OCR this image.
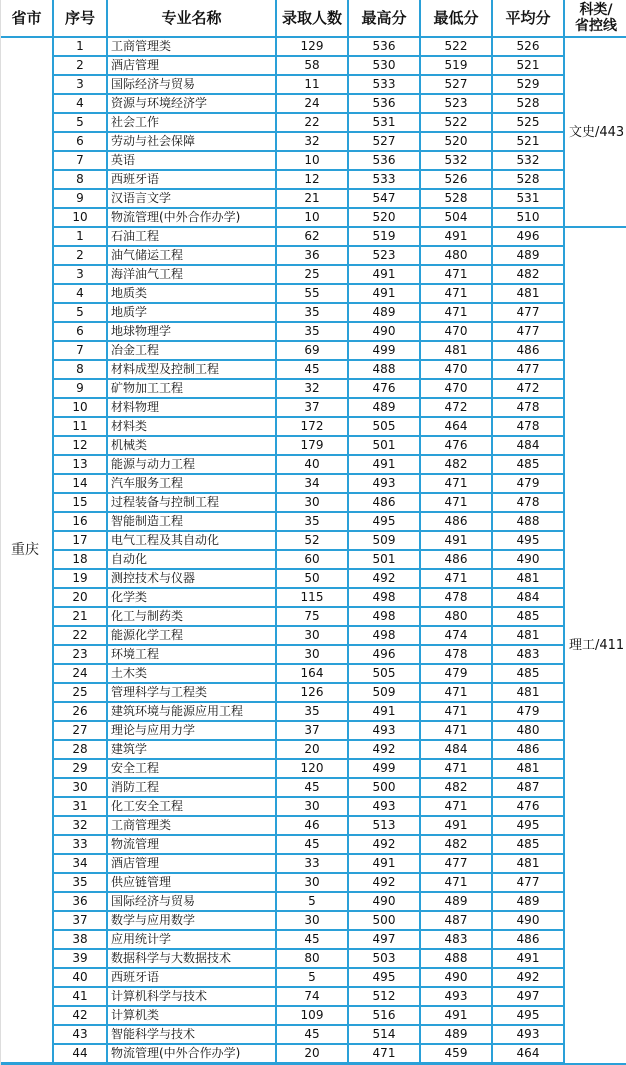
省市	序号	专业名称	录取人数	最高分	最低分	平均分	科类/省控线
重庆	1	工商管理类	129	536	522	526	文史/443
	2	酒店管理	58	530	519	521	
	3	国际经济与贸易	11	533	527	529	
	4	资源与环境经济学	24	536	523	528	
	5	社会工作	22	531	522	525	
	6	劳动与社会保障	32	527	520	521	
	7	英语	10	536	532	532	
	8	西班牙语	12	533	526	528	
	9	汉语言文学	21	547	528	531	
	10	物流管理(中外合作办学)	10	520	504	510	
	1	石油工程	62	519	491	496	理工/411
	2	油气储运工程	36	523	480	489	
	3	海洋油气工程	25	491	471	482	
	4	地质类	55	491	471	481	
	5	地质学	35	489	471	477	
	6	地球物理学	35	490	470	477	
	7	冶金工程	69	499	481	486	
	8	材料成型及控制工程	45	488	470	477	
	9	矿物加工工程	32	476	470	472	
	10	材料物理	37	489	472	478	
	11	材料类	172	505	464	478	
	12	机械类	179	501	476	484	
	13	能源与动力工程	40	491	482	485	
	14	汽车服务工程	34	493	471	479	
	15	过程装备与控制工程	30	486	471	478	
	16	智能制造工程	35	495	486	488	
	17	电气工程及其自动化	52	509	491	495	
	18	自动化	60	501	486	490	
	19	测控技术与仪器	50	492	471	481	
	20	化学类	115	498	478	484	
	21	化工与制药类	75	498	480	485	
	22	能源化学工程	30	498	474	481	
	23	环境工程	30	496	478	483	
	24	土木类	164	505	479	485	
	25	管理科学与工程类	126	509	471	481	
	26	建筑环境与能源应用工程	35	491	471	479	
	27	理论与应用力学	37	493	471	480	
	28	建筑学	20	492	484	486	
	29	安全工程	120	499	471	481	
	30	消防工程	45	500	482	487	
	31	化工安全工程	30	493	471	476	
	32	工商管理类	46	513	491	495	
	33	物流管理	45	492	482	485	
	34	酒店管理	33	491	477	481	
	35	供应链管理	30	492	471	477	
	36	国际经济与贸易	5	490	489	489	
	37	数学与应用数学	30	500	487	490	
	38	应用统计学	45	497	483	486	
	39	数据科学与大数据技术	80	503	488	491	
	40	西班牙语	5	495	490	492	
	41	计算机科学与技术	74	512	493	497	
	42	计算机类	109	516	491	495	
	43	智能科学与技术	45	514	489	493	
	44	物流管理(中外合作办学)	20	471	459	464	
